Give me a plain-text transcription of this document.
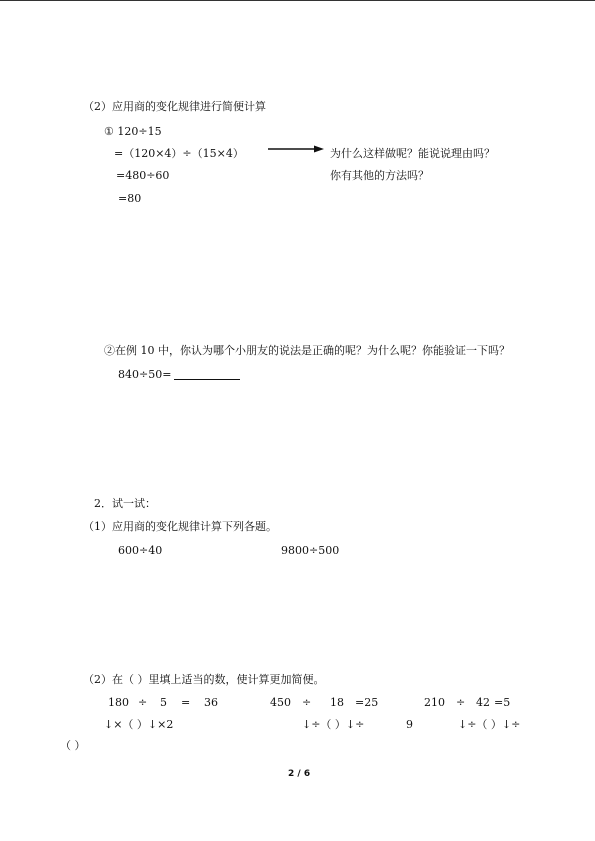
（2）应用商的变化规律进行简便计算
① 120÷15
=（120×4）÷（15×4）	为什么这样做呢？能说说理由吗？
=480÷60	你有其他的方法吗？
=80
②在例 10 中，你认为哪个小朋友的说法是正确的呢？为什么呢？你能验证一下吗？
840÷50=
2．试一试：
（1）应用商的变化规律计算下列各题。
600÷40	9800÷500
（2）在（ ）里填上适当的数，使计算更加简便。
180 ÷ 5 = 36	450 ÷ 18 =25	210 ÷ 42 =5
↓×（ ）↓×2	↓÷（ ）↓÷	9	↓÷（ ）↓÷
（ ）
2 / 6
